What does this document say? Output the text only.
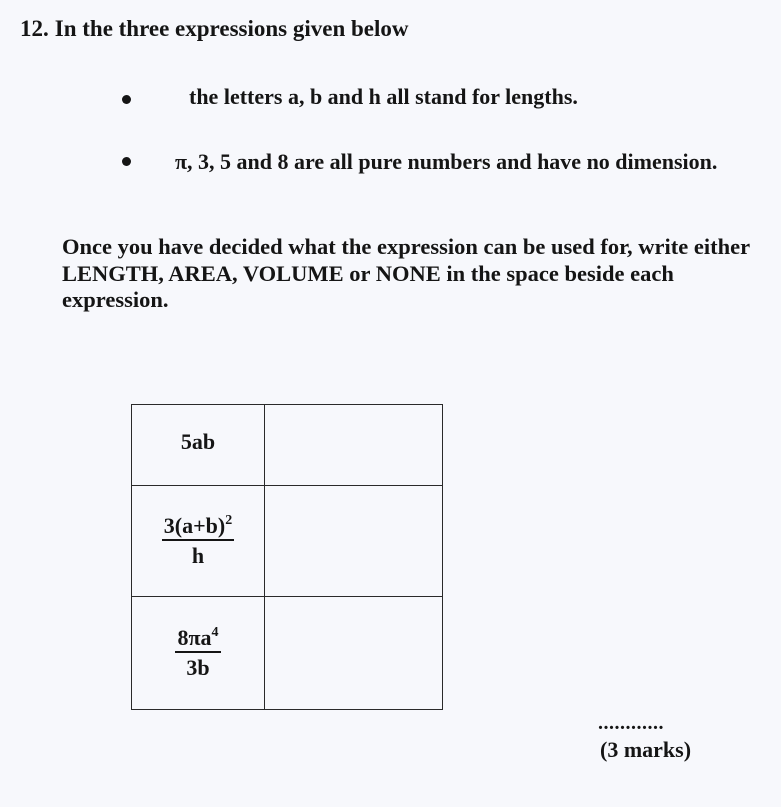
12. In the three expressions given below
the letters a, b and h all stand for lengths.
π, 3, 5 and 8 are all pure numbers and have no dimension.
Once you have decided what the expression can be used for, write either LENGTH, AREA, VOLUME or NONE in the space beside each expression.
5ab	

$\frac{3(a+b)^2}{h}$

$\frac{8\pi a^4}{3b}$

............
(3 marks)
